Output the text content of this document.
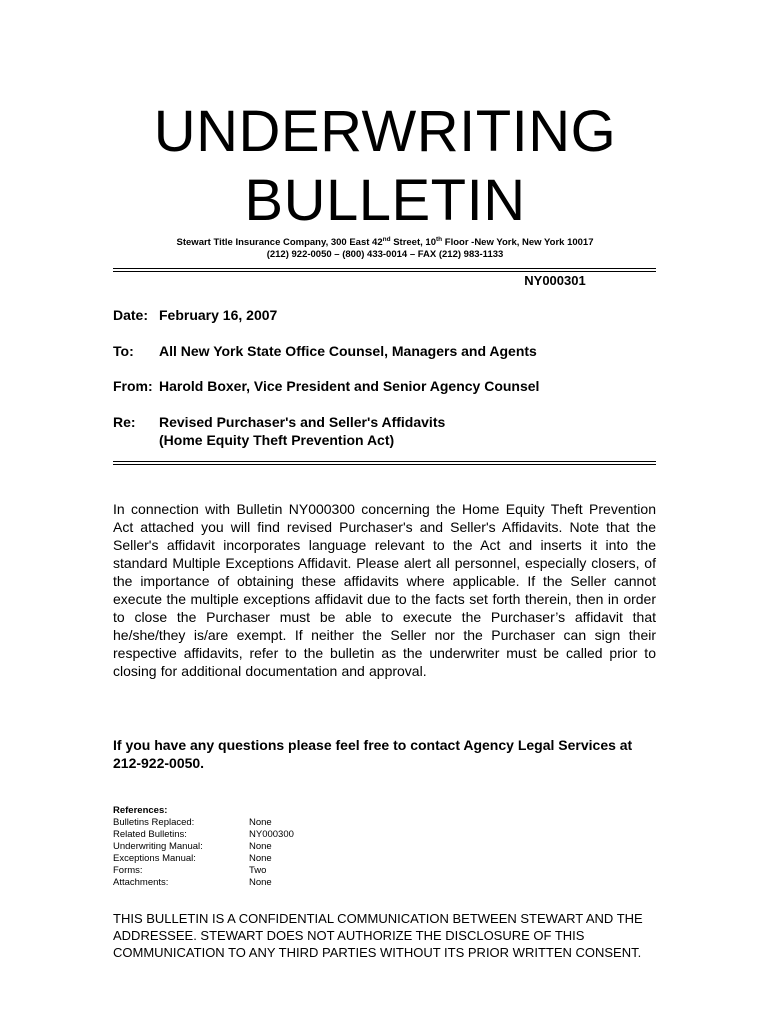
UNDERWRITING
BULLETIN
Stewart Title Insurance Company, 300 East 42nd Street, 10th Floor -New York, New York 10017
(212) 922-0050 – (800) 433-0014 – FAX (212) 983-1133
NY000301
Date: February 16, 2007
To: All New York State Office Counsel, Managers and Agents
From: Harold Boxer, Vice President and Senior Agency Counsel
Re: Revised Purchaser's and Seller's Affidavits
(Home Equity Theft Prevention Act)
In connection with Bulletin NY000300 concerning the Home Equity Theft Prevention Act attached you will find revised Purchaser's and Seller's Affidavits. Note that the Seller's affidavit incorporates language relevant to the Act and inserts it into the standard Multiple Exceptions Affidavit. Please alert all personnel, especially closers, of the importance of obtaining these affidavits where applicable. If the Seller cannot execute the multiple exceptions affidavit due to the facts set forth therein, then in order to close the Purchaser must be able to execute the Purchaser’s affidavit that he/she/they is/are exempt. If neither the Seller nor the Purchaser can sign their respective affidavits, refer to the bulletin as the underwriter must be called prior to closing for additional documentation and approval.
If you have any questions please feel free to contact Agency Legal Services at 212-922-0050.
References:
Bulletins Replaced:	None
Related Bulletins:	NY000300
Underwriting Manual:	None
Exceptions Manual:	None
Forms:	Two
Attachments:	None
THIS BULLETIN IS A CONFIDENTIAL COMMUNICATION BETWEEN STEWART AND THE ADDRESSEE. STEWART DOES NOT AUTHORIZE THE DISCLOSURE OF THIS COMMUNICATION TO ANY THIRD PARTIES WITHOUT ITS PRIOR WRITTEN CONSENT.
